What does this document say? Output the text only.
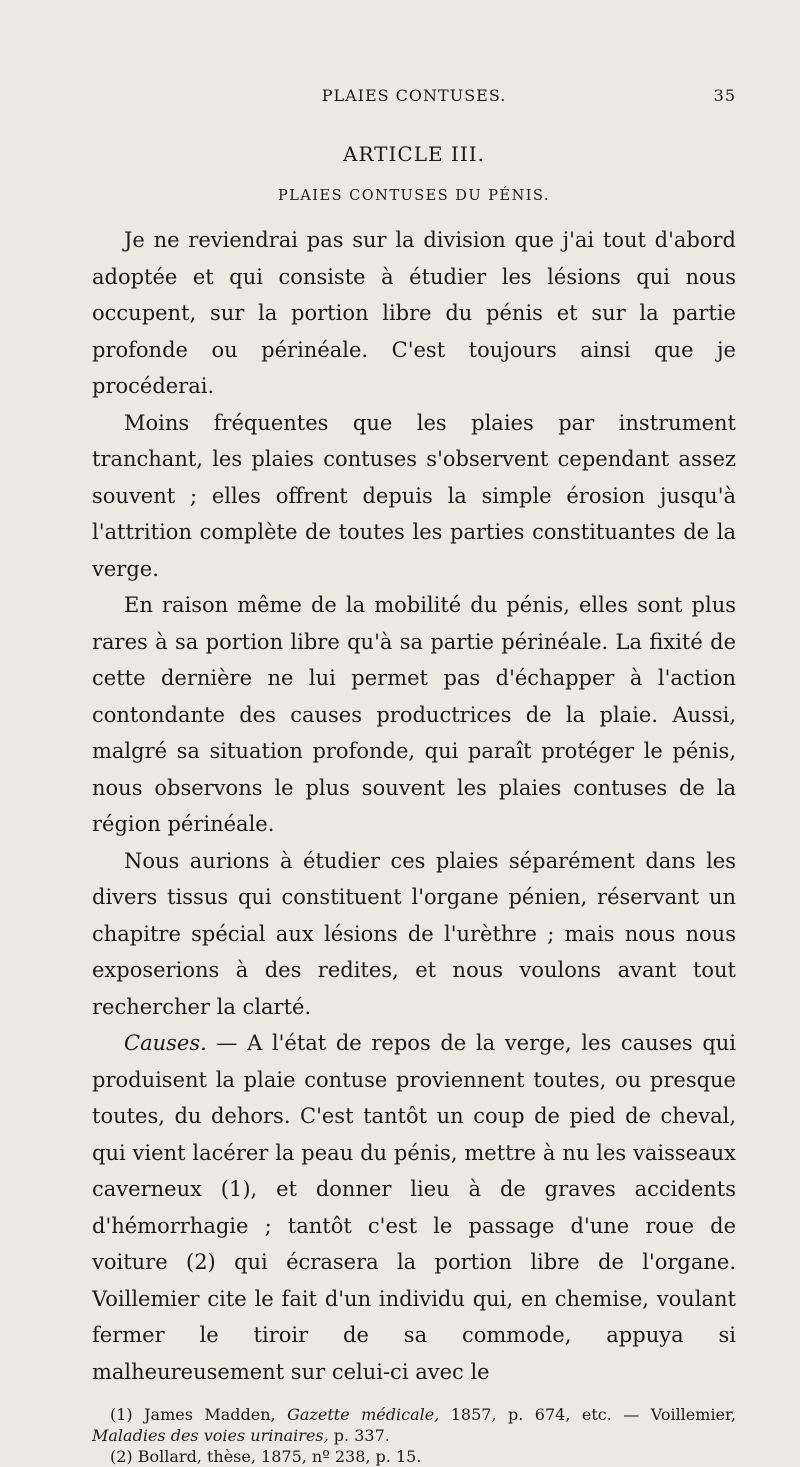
PLAIES CONTUSES.	35
ARTICLE III.
PLAIES CONTUSES DU PÉNIS.

Je ne reviendrai pas sur la division que j'ai tout d'abord adoptée et qui consiste à étudier les lésions qui nous occupent, sur la portion libre du pénis et sur la partie profonde ou périnéale. C'est toujours ainsi que je procéderai.

Moins fréquentes que les plaies par instrument tranchant, les plaies contuses s'observent cependant assez souvent ; elles offrent depuis la simple érosion jusqu'à l'attrition complète de toutes les parties constituantes de la verge.

En raison même de la mobilité du pénis, elles sont plus rares à sa portion libre qu'à sa partie périnéale. La fixité de cette dernière ne lui permet pas d'échapper à l'action contondante des causes productrices de la plaie. Aussi, malgré sa situation profonde, qui paraît protéger le pénis, nous observons le plus souvent les plaies contuses de la région périnéale.

Nous aurions à étudier ces plaies séparément dans les divers tissus qui constituent l'organe pénien, réservant un chapitre spécial aux lésions de l'urèthre ; mais nous nous exposerions à des redites, et nous voulons avant tout rechercher la clarté.

Causes. — A l'état de repos de la verge, les causes qui produisent la plaie contuse proviennent toutes, ou presque toutes, du dehors. C'est tantôt un coup de pied de cheval, qui vient lacérer la peau du pénis, mettre à nu les vaisseaux caverneux (1), et donner lieu à de graves accidents d'hémorrhagie ; tantôt c'est le passage d'une roue de voiture (2) qui écrasera la portion libre de l'organe. Voillemier cite le fait d'un individu qui, en chemise, voulant fermer le tiroir de sa commode, appuya si malheureusement sur celui-ci avec le

(1) James Madden, Gazette médicale, 1857, p. 674, etc. — Voillemier, Maladies des voies urinaires, p. 337.

(2) Bollard, thèse, 1875, nº 238, p. 15.
